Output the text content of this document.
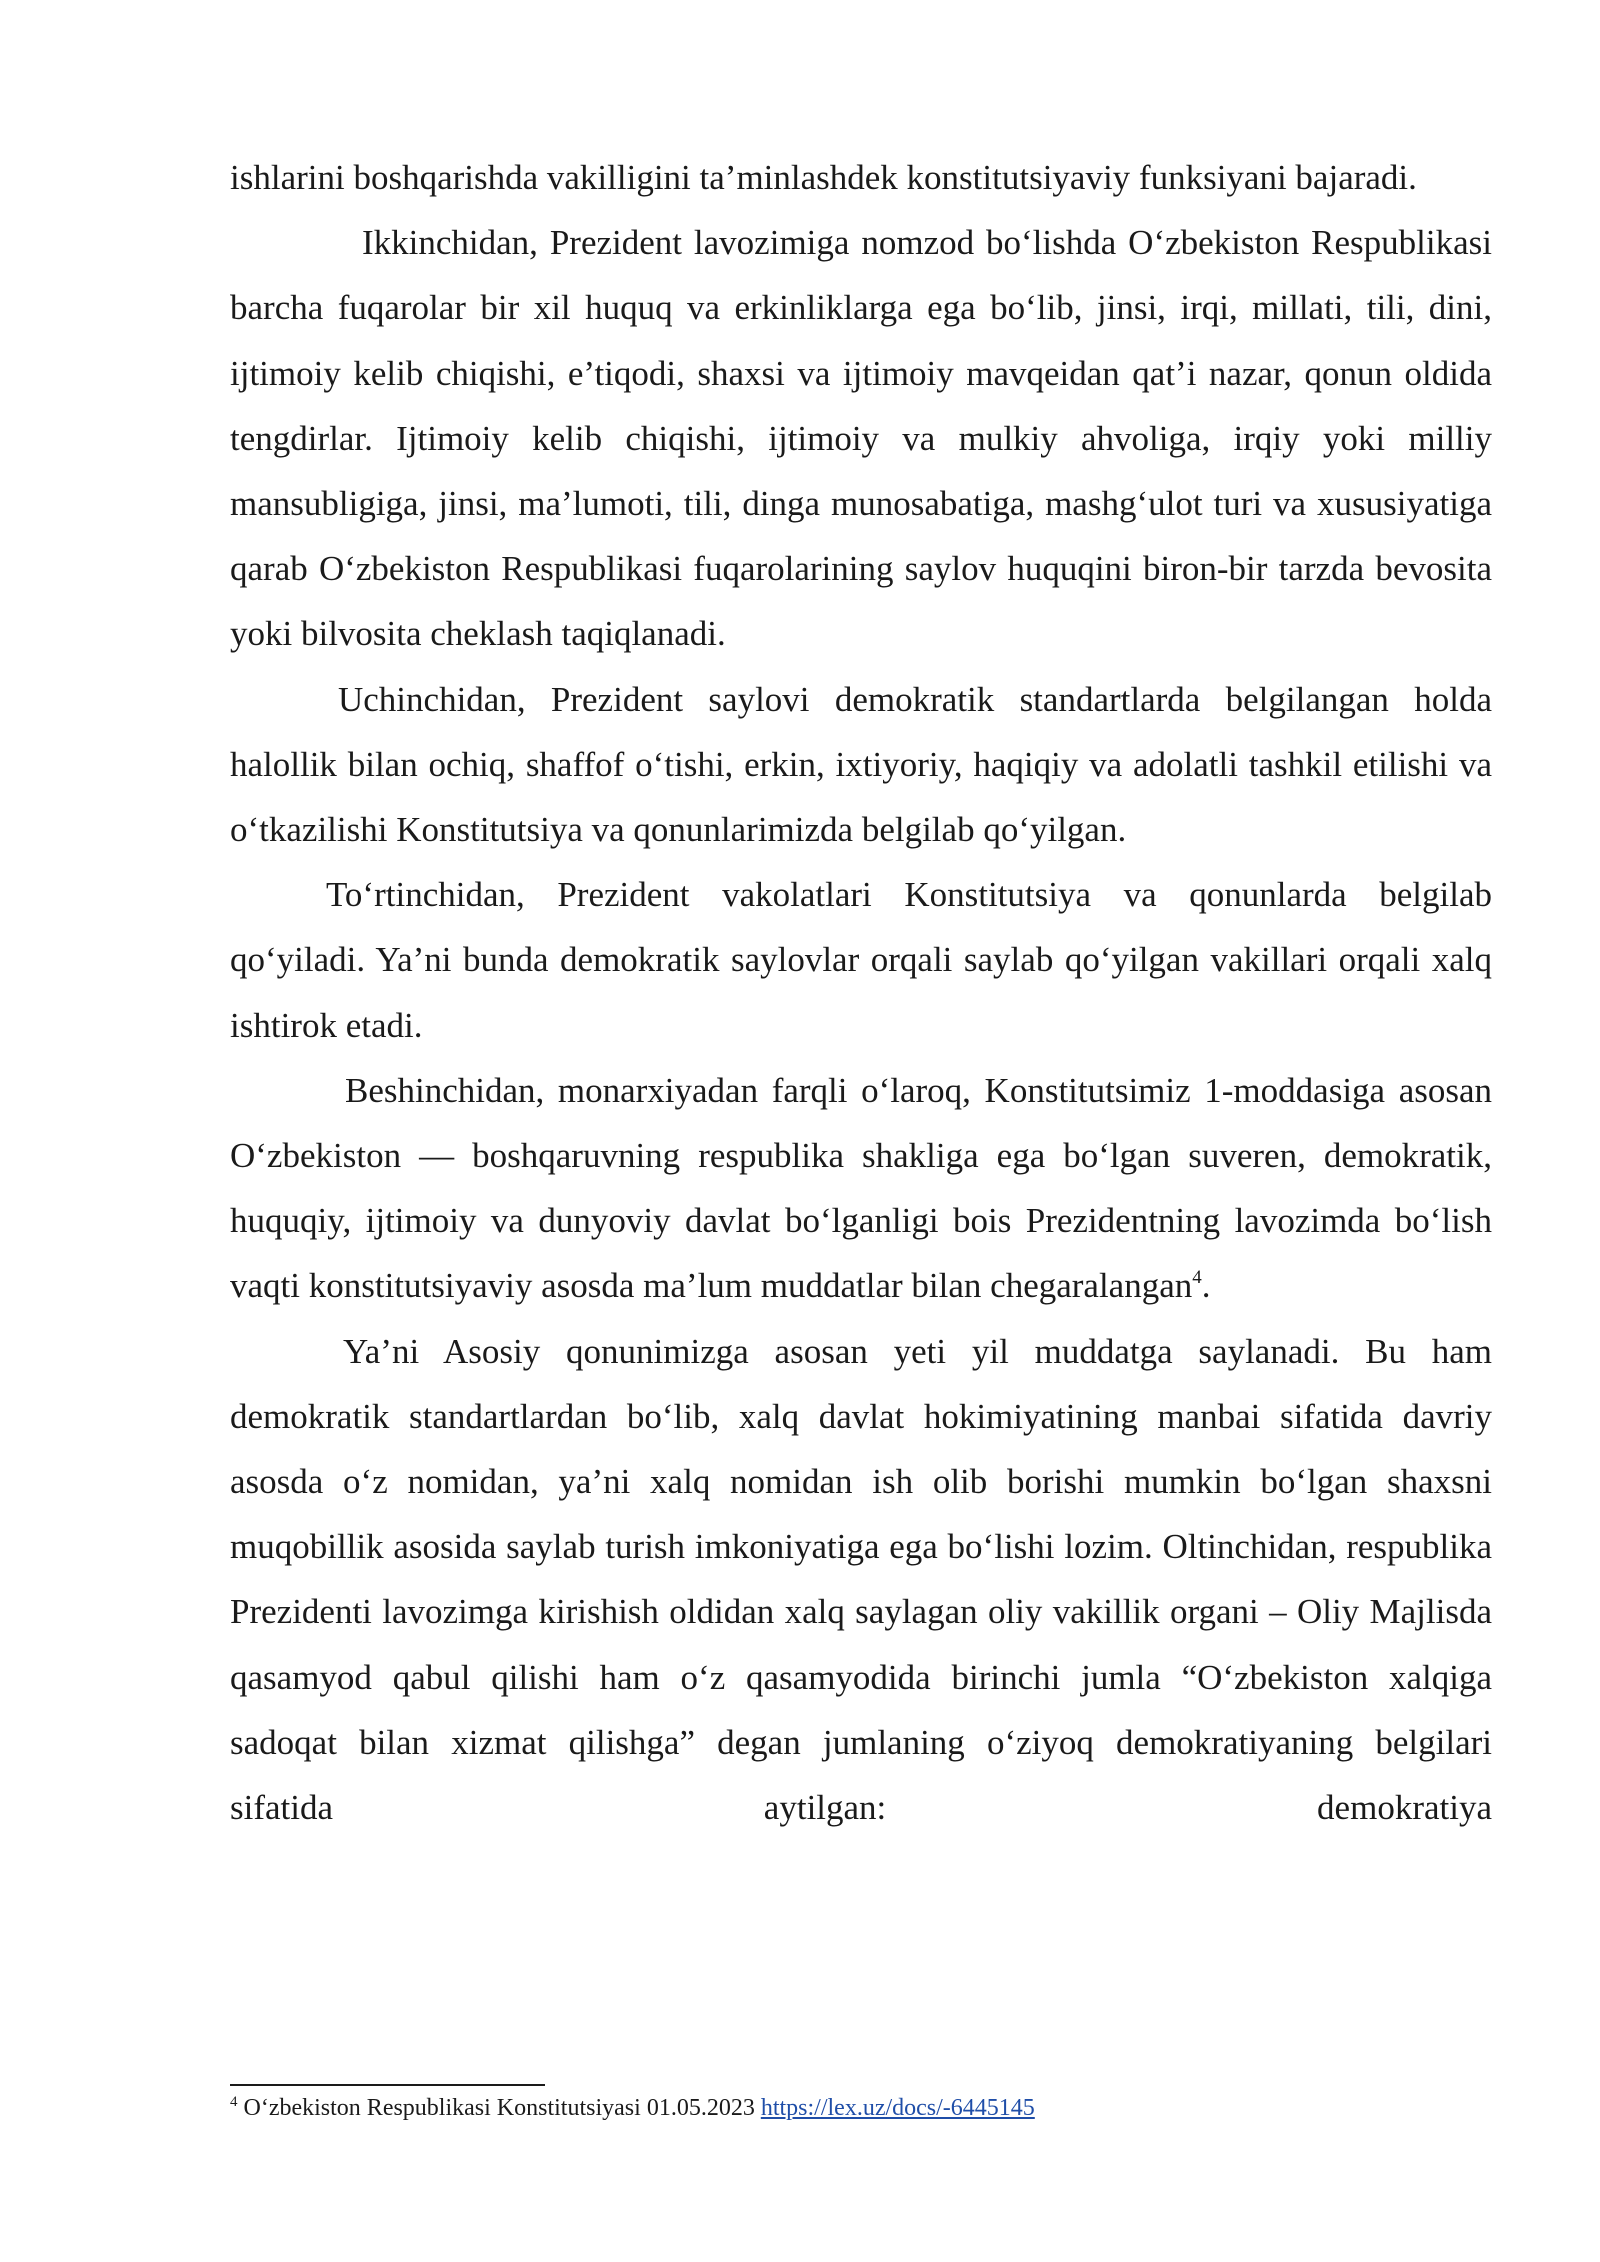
ishlarini boshqarishda vakilligini ta’minlashdek konstitutsiyaviy funksiyani bajaradi.

Ikkinchidan, Prezident lavozimiga nomzod bo‘lishda O‘zbekiston Respublikasi barcha fuqarolar bir xil huquq va erkinliklarga ega bo‘lib, jinsi, irqi, millati, tili, dini, ijtimoiy kelib chiqishi, e’tiqodi, shaxsi va ijtimoiy mavqeidan qat’i nazar, qonun oldida tengdirlar. Ijtimoiy kelib chiqishi, ijtimoiy va mulkiy ahvoliga, irqiy yoki milliy mansubligiga, jinsi, ma’lumoti, tili, dinga munosabatiga, mashg‘ulot turi va xususiyatiga qarab O‘zbekiston Respublikasi fuqarolarining saylov huquqini biron-bir tarzda bevosita yoki bilvosita cheklash taqiqlanadi.

Uchinchidan, Prezident saylovi demokratik standartlarda belgilangan holda halollik bilan ochiq, shaffof o‘tishi, erkin, ixtiyoriy, haqiqiy va adolatli tashkil etilishi va o‘tkazilishi Konstitutsiya va qonunlarimizda belgilab qo‘yilgan.

To‘rtinchidan, Prezident vakolatlari Konstitutsiya va qonunlarda belgilab qo‘yiladi. Ya’ni bunda demokratik saylovlar orqali saylab qo‘yilgan vakillari orqali xalq ishtirok etadi.

Beshinchidan, monarxiyadan farqli o‘laroq, Konstitutsimiz 1-moddasiga asosan O‘zbekiston — boshqaruvning respublika shakliga ega bo‘lgan suveren, demokratik, huquqiy, ijtimoiy va dunyoviy davlat bo‘lganligi bois Prezidentning lavozimda bo‘lish vaqti konstitutsiyaviy asosda ma’lum muddatlar bilan chegaralangan$^4$.

Ya’ni Asosiy qonunimizga asosan yeti yil muddatga saylanadi. Bu ham demokratik standartlardan bo‘lib, xalq davlat hokimiyatining manbai sifatida davriy asosda o‘z nomidan, ya’ni xalq nomidan ish olib borishi mumkin bo‘lgan shaxsni muqobillik asosida saylab turish imkoniyatiga ega bo‘lishi lozim. Oltinchidan, respublika Prezidenti lavozimga kirishish oldidan xalq saylagan oliy vakillik organi – Oliy Majlisda qasamyod qabul qilishi ham o‘z qasamyodida birinchi jumla “O‘zbekiston xalqiga sadoqat bilan xizmat qilishga” degan jumlaning o‘ziyoq demokratiyaning belgilari sifatida aytilgan: demokratiya

$^4$ O‘zbekiston Respublikasi Konstitutsiyasi 01.05.2023 https://lex.uz/docs/-6445145
